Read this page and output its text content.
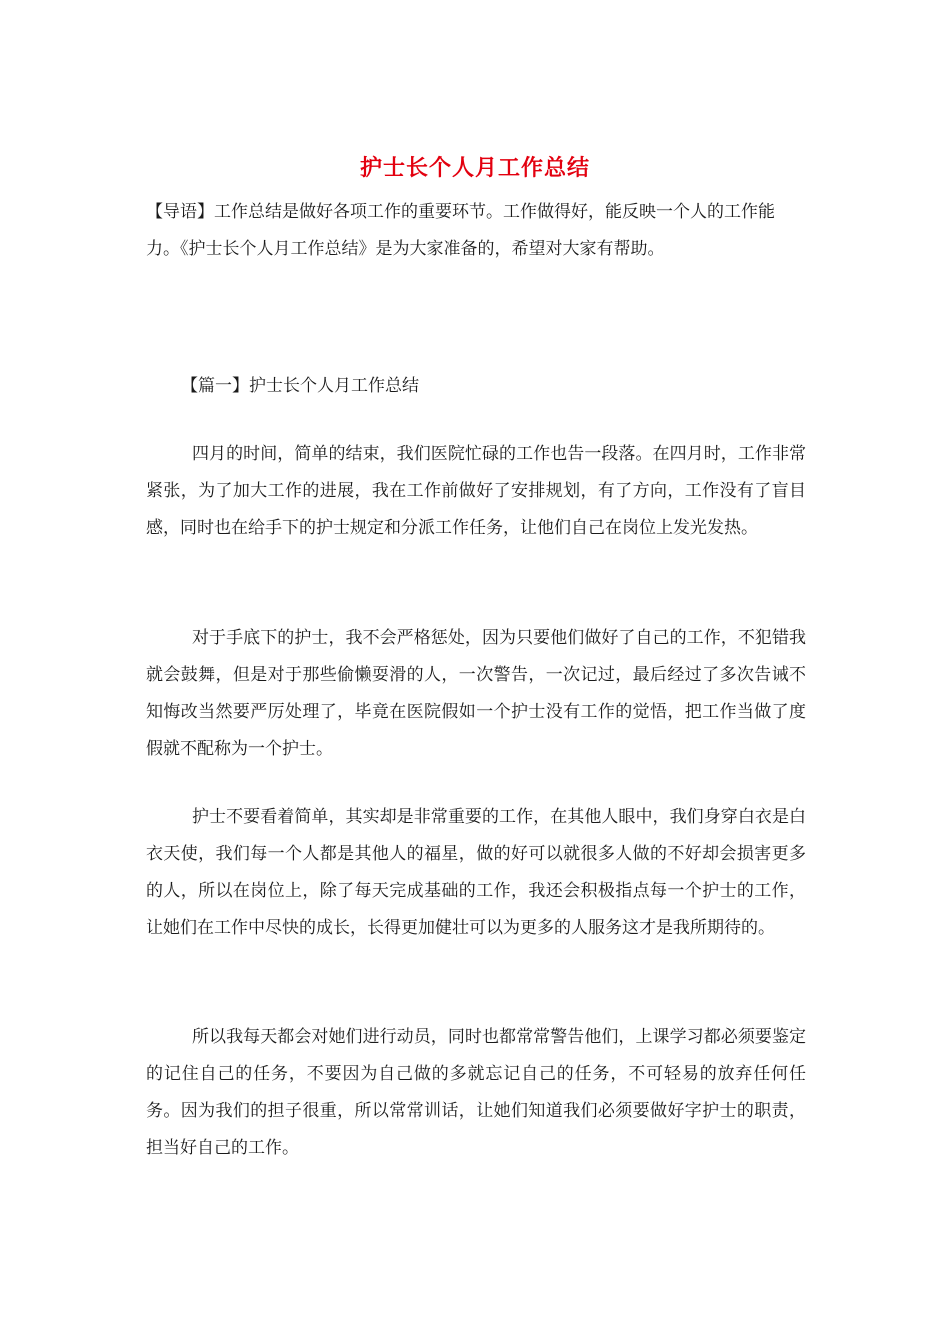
护士长个人月工作总结
【导语】工作总结是做好各项工作的重要环节。工作做得好，能反映一个人的工作能力。《护士长个人月工作总结》是为大家准备的，希望对大家有帮助。
【篇一】护士长个人月工作总结
四月的时间，简单的结束，我们医院忙碌的工作也告一段落。在四月时，工作非常紧张，为了加大工作的进展，我在工作前做好了安排规划，有了方向，工作没有了盲目感，同时也在给手下的护士规定和分派工作任务，让他们自己在岗位上发光发热。
对于手底下的护士，我不会严格惩处，因为只要他们做好了自己的工作，不犯错我就会鼓舞，但是对于那些偷懒耍滑的人，一次警告，一次记过，最后经过了多次告诫不知悔改当然要严厉处理了，毕竟在医院假如一个护士没有工作的觉悟，把工作当做了度假就不配称为一个护士。
护士不要看着简单，其实却是非常重要的工作，在其他人眼中，我们身穿白衣是白衣天使，我们每一个人都是其他人的福星，做的好可以就很多人做的不好却会损害更多的人，所以在岗位上，除了每天完成基础的工作，我还会积极指点每一个护士的工作，让她们在工作中尽快的成长，长得更加健壮可以为更多的人服务这才是我所期待的。
所以我每天都会对她们进行动员，同时也都常常警告他们，上课学习都必须要鉴定的记住自己的任务，不要因为自己做的多就忘记自己的任务，不可轻易的放弃任何任务。因为我们的担子很重，所以常常训话，让她们知道我们必须要做好字护士的职责，担当好自己的工作。
